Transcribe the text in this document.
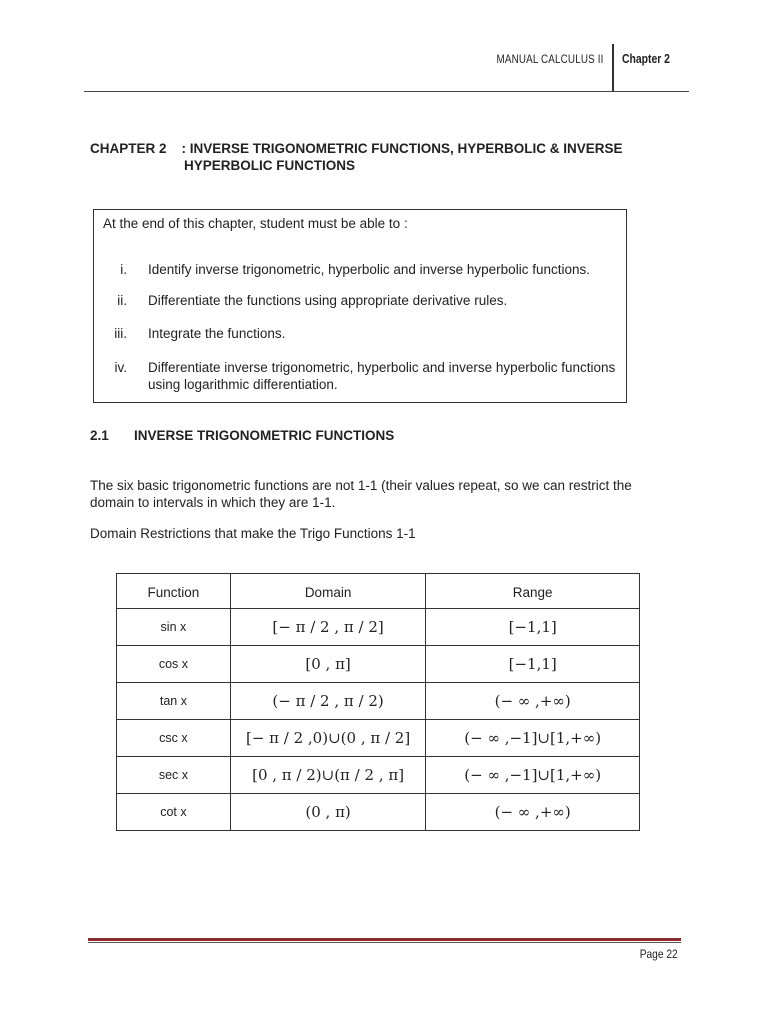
MANUAL CALCULUS II Chapter 2
CHAPTER 2    : INVERSE TRIGONOMETRIC FUNCTIONS, HYPERBOLIC & INVERSE
HYPERBOLIC FUNCTIONS
At the end of this chapter, student must be able to :
i. Identify inverse trigonometric, hyperbolic and inverse hyperbolic functions.
ii. Differentiate the functions using appropriate derivative rules.
iii. Integrate the functions.
iv. Differentiate inverse trigonometric, hyperbolic and inverse hyperbolic functions using logarithmic differentiation.
2.1 INVERSE TRIGONOMETRIC FUNCTIONS
The six basic trigonometric functions are not 1-1 (their values repeat, so we can restrict the domain to intervals in which they are 1-1.
Domain Restrictions that make the Trigo Functions 1-1
Function	Domain	Range
sin x	[− π / 2 , π / 2]	[−1,1]
cos x	[0 , π]	[−1,1]
tan x	(− π / 2 , π / 2)	(− ∞ ,+∞)
csc x	[− π / 2 ,0)∪(0 , π / 2]	(− ∞ ,−1]∪[1,+∞)
sec x	[0 , π / 2)∪(π / 2 , π]	(− ∞ ,−1]∪[1,+∞)
cot x	(0 , π)	(− ∞ ,+∞)
Page 22
